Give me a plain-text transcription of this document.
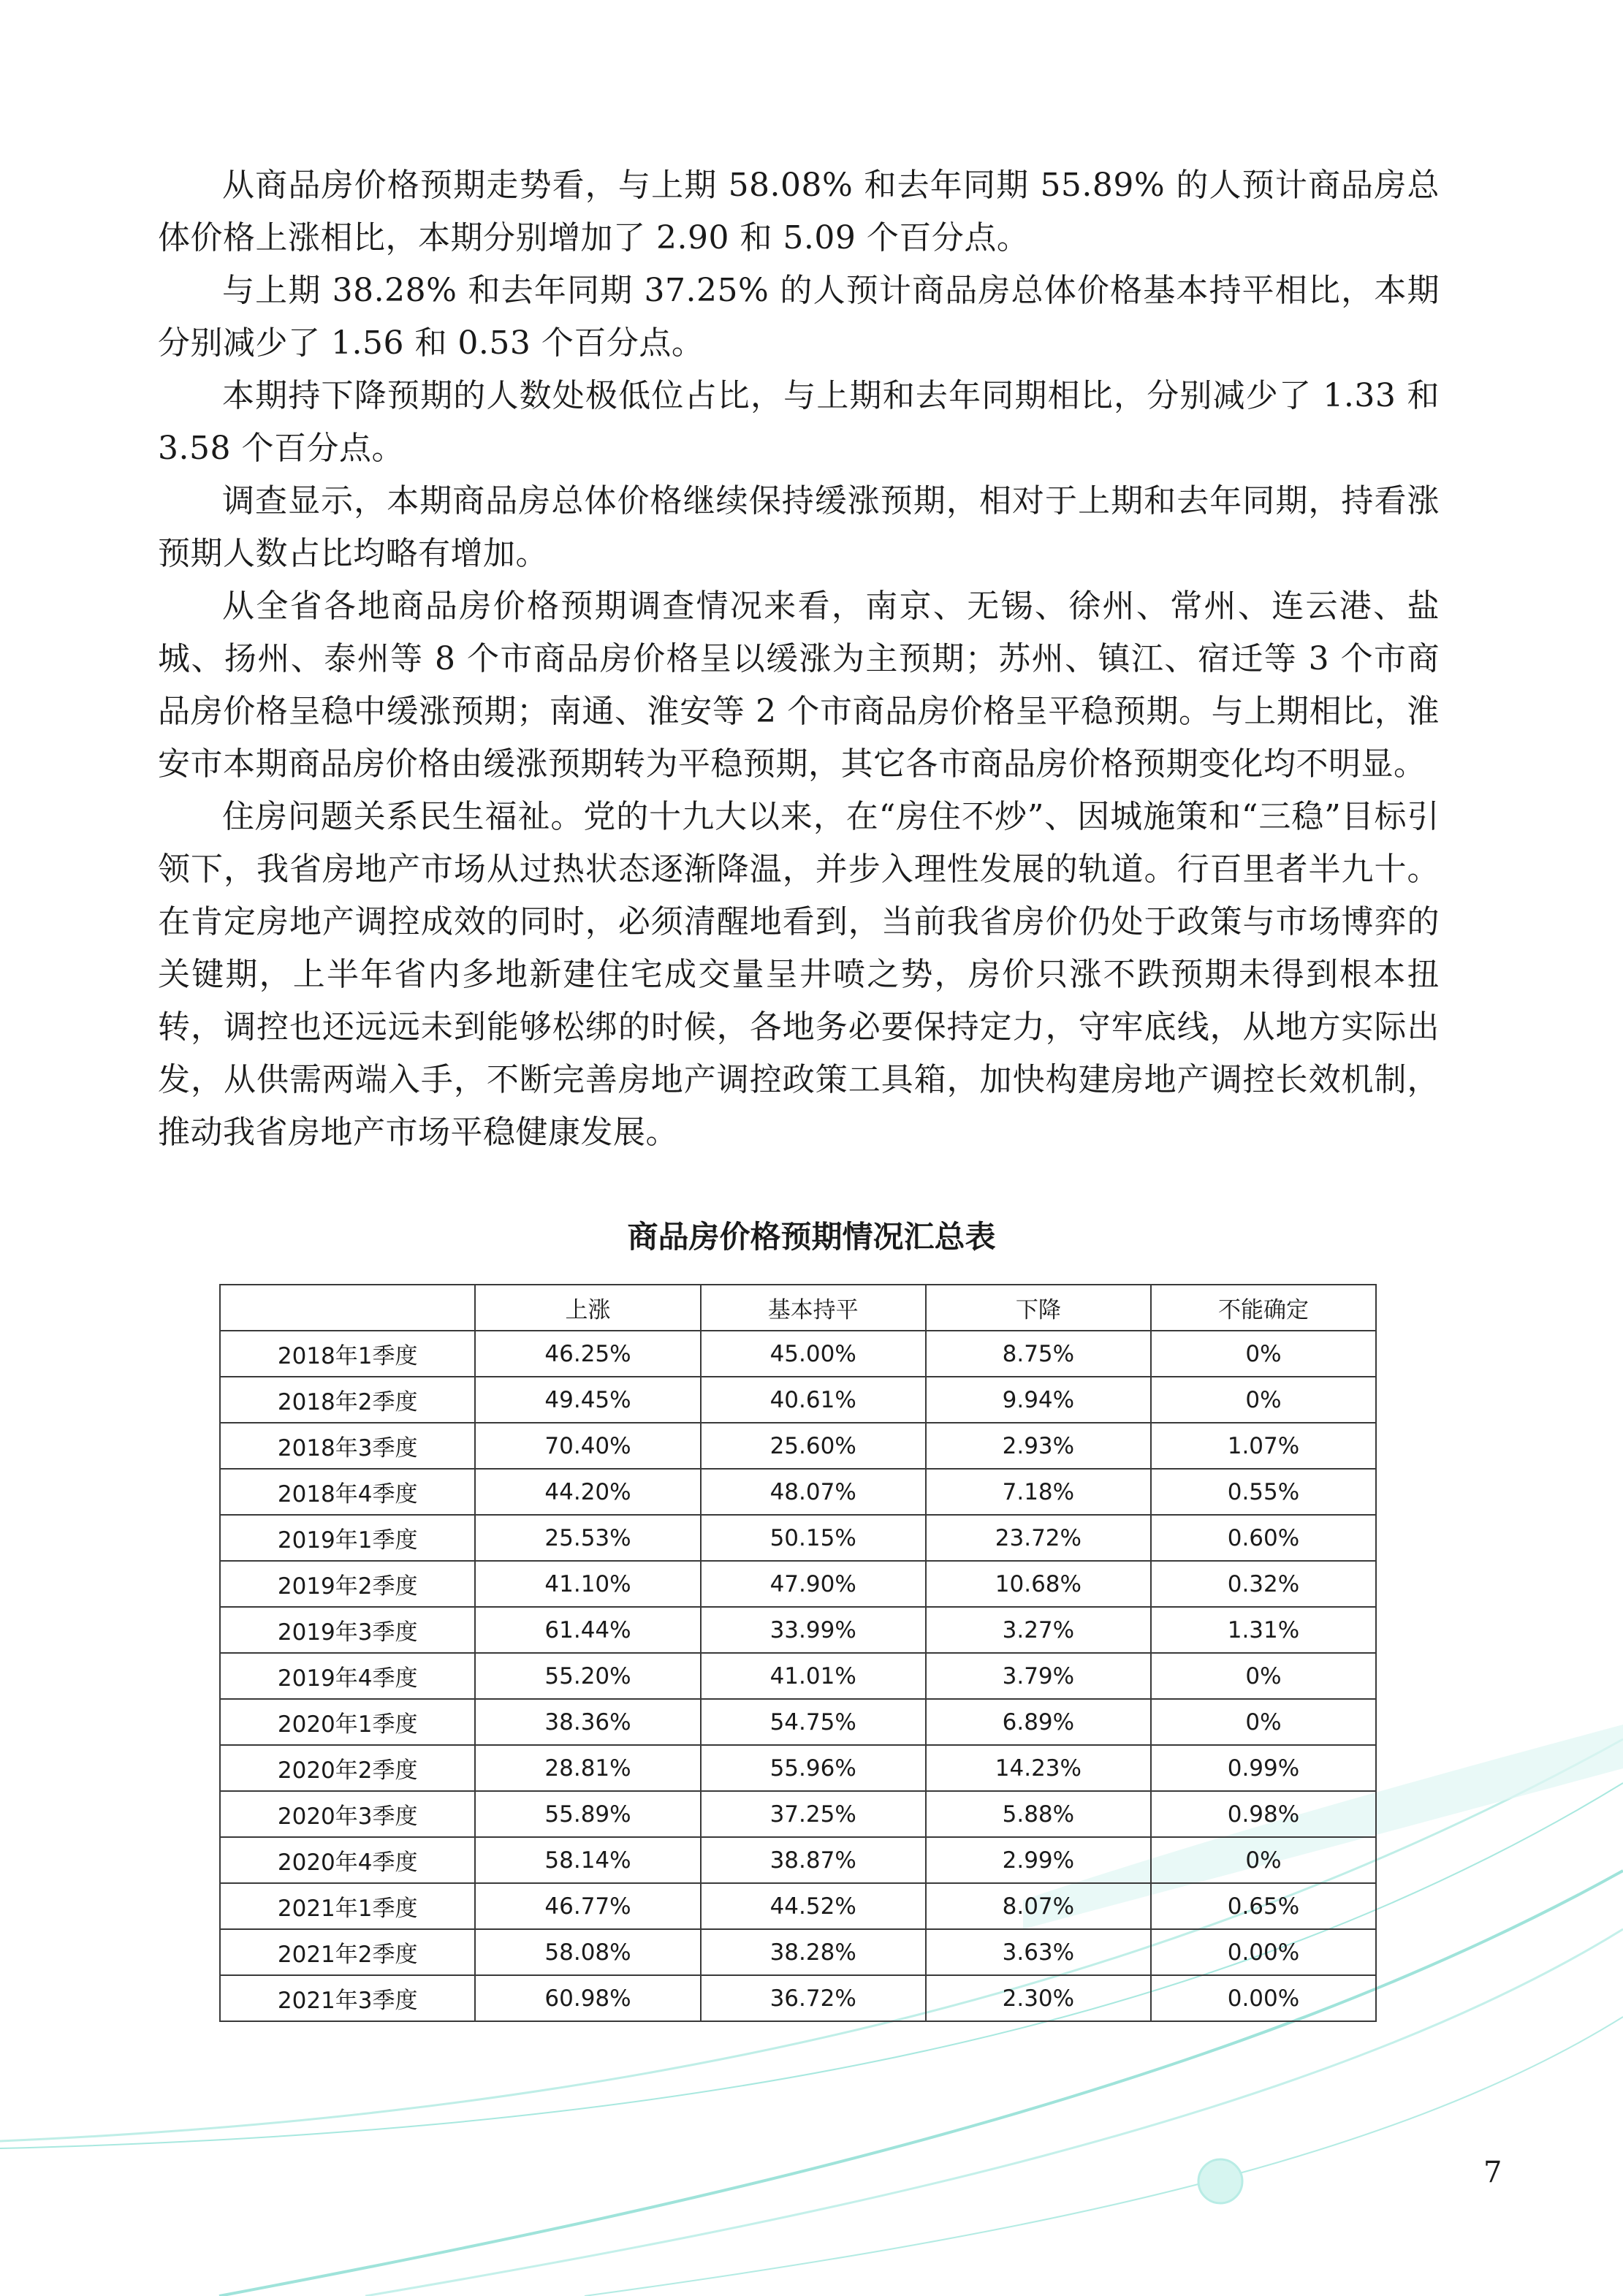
从商品房价格预期走势看，与上期 58.08% 和去年同期 55.89% 的人预计商品房总体价格上涨相比，本期分别增加了 2.90 和 5.09 个百分点。

与上期 38.28% 和去年同期 37.25% 的人预计商品房总体价格基本持平相比，本期分别减少了 1.56 和 0.53 个百分点。

本期持下降预期的人数处极低位占比，与上期和去年同期相比，分别减少了 1.33 和 3.58 个百分点。

调查显示，本期商品房总体价格继续保持缓涨预期，相对于上期和去年同期，持看涨预期人数占比均略有增加。

从全省各地商品房价格预期调查情况来看，南京、无锡、徐州、常州、连云港、盐城、扬州、泰州等 8 个市商品房价格呈以缓涨为主预期；苏州、镇江、宿迁等 3 个市商品房价格呈稳中缓涨预期；南通、淮安等 2 个市商品房价格呈平稳预期。与上期相比，淮安市本期商品房价格由缓涨预期转为平稳预期，其它各市商品房价格预期变化均不明显。

住房问题关系民生福祉。党的十九大以来，在“房住不炒”、因城施策和“三稳”目标引领下，我省房地产市场从过热状态逐渐降温，并步入理性发展的轨道。行百里者半九十。在肯定房地产调控成效的同时，必须清醒地看到，当前我省房价仍处于政策与市场博弈的关键期，上半年省内多地新建住宅成交量呈井喷之势，房价只涨不跌预期未得到根本扭转，调控也还远远未到能够松绑的时候，各地务必要保持定力，守牢底线，从地方实际出发，从供需两端入手，不断完善房地产调控政策工具箱，加快构建房地产调控长效机制，推动我省房地产市场平稳健康发展。

商品房价格预期情况汇总表
	上涨	基本持平	下降	不能确定
2018年1季度	46.25%	45.00%	8.75%	0%
2018年2季度	49.45%	40.61%	9.94%	0%
2018年3季度	70.40%	25.60%	2.93%	1.07%
2018年4季度	44.20%	48.07%	7.18%	0.55%
2019年1季度	25.53%	50.15%	23.72%	0.60%
2019年2季度	41.10%	47.90%	10.68%	0.32%
2019年3季度	61.44%	33.99%	3.27%	1.31%
2019年4季度	55.20%	41.01%	3.79%	0%
2020年1季度	38.36%	54.75%	6.89%	0%
2020年2季度	28.81%	55.96%	14.23%	0.99%
2020年3季度	55.89%	37.25%	5.88%	0.98%
2020年4季度	58.14%	38.87%	2.99%	0%
2021年1季度	46.77%	44.52%	8.07%	0.65%
2021年2季度	58.08%	38.28%	3.63%	0.00%
2021年3季度	60.98%	36.72%	2.30%	0.00%
7
